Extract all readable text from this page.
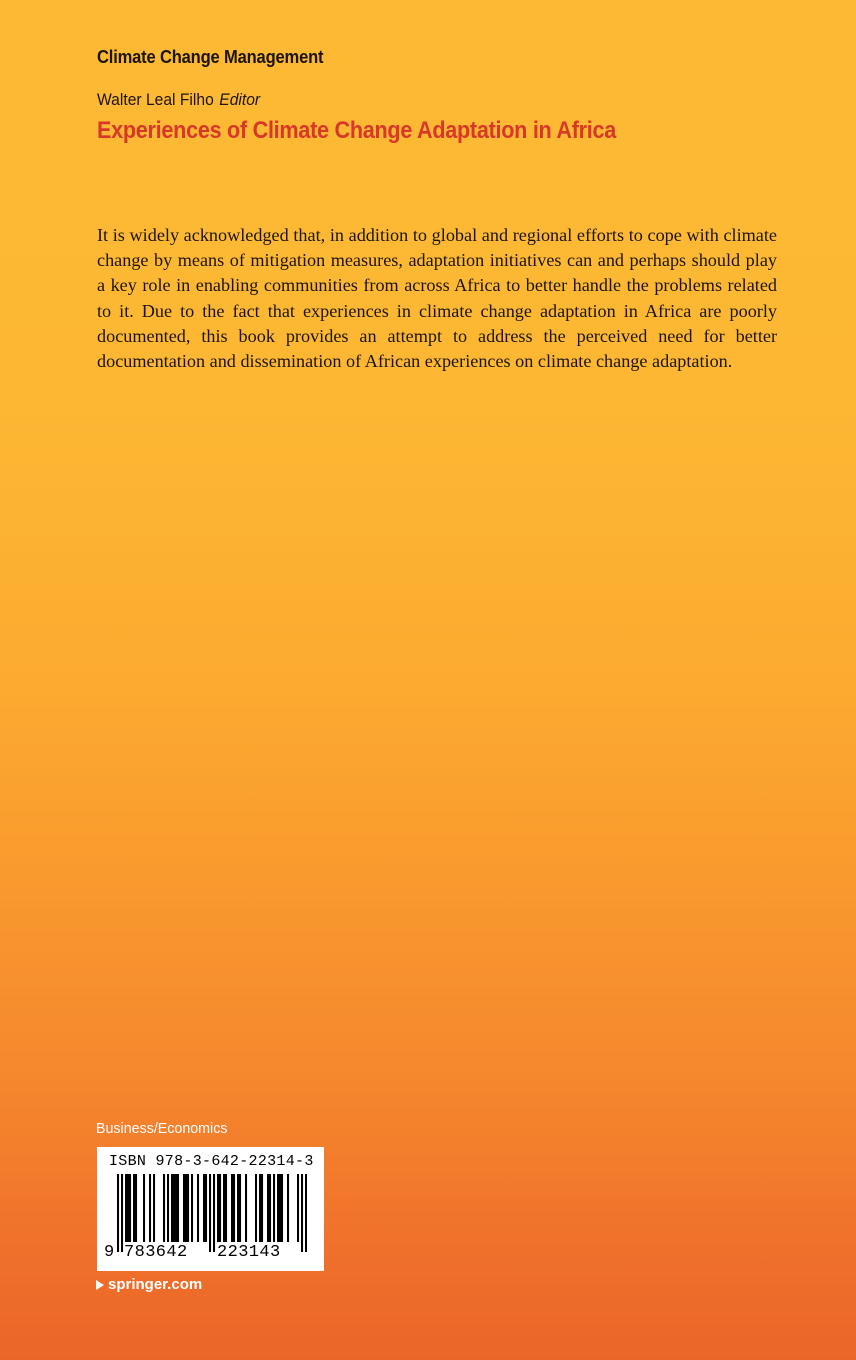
Climate Change Management
Walter Leal Filho Editor
Experiences of Climate Change Adaptation in Africa

It is widely acknowledged that, in addition to global and regional efforts to cope with climate change by means of mitigation measures, adaptation initiatives can and perhaps should play a key role in enabling communities from across Africa to better handle the problems related to it. Due to the fact that experiences in climate change adaptation in Africa are poorly documented, this book provides an attempt to address the perceived need for better documentation and dissemination of African experiences on climate change adaptation.

Business/Economics
ISBN 978-3-642-22314-3
9 783642 223143
springer.com
